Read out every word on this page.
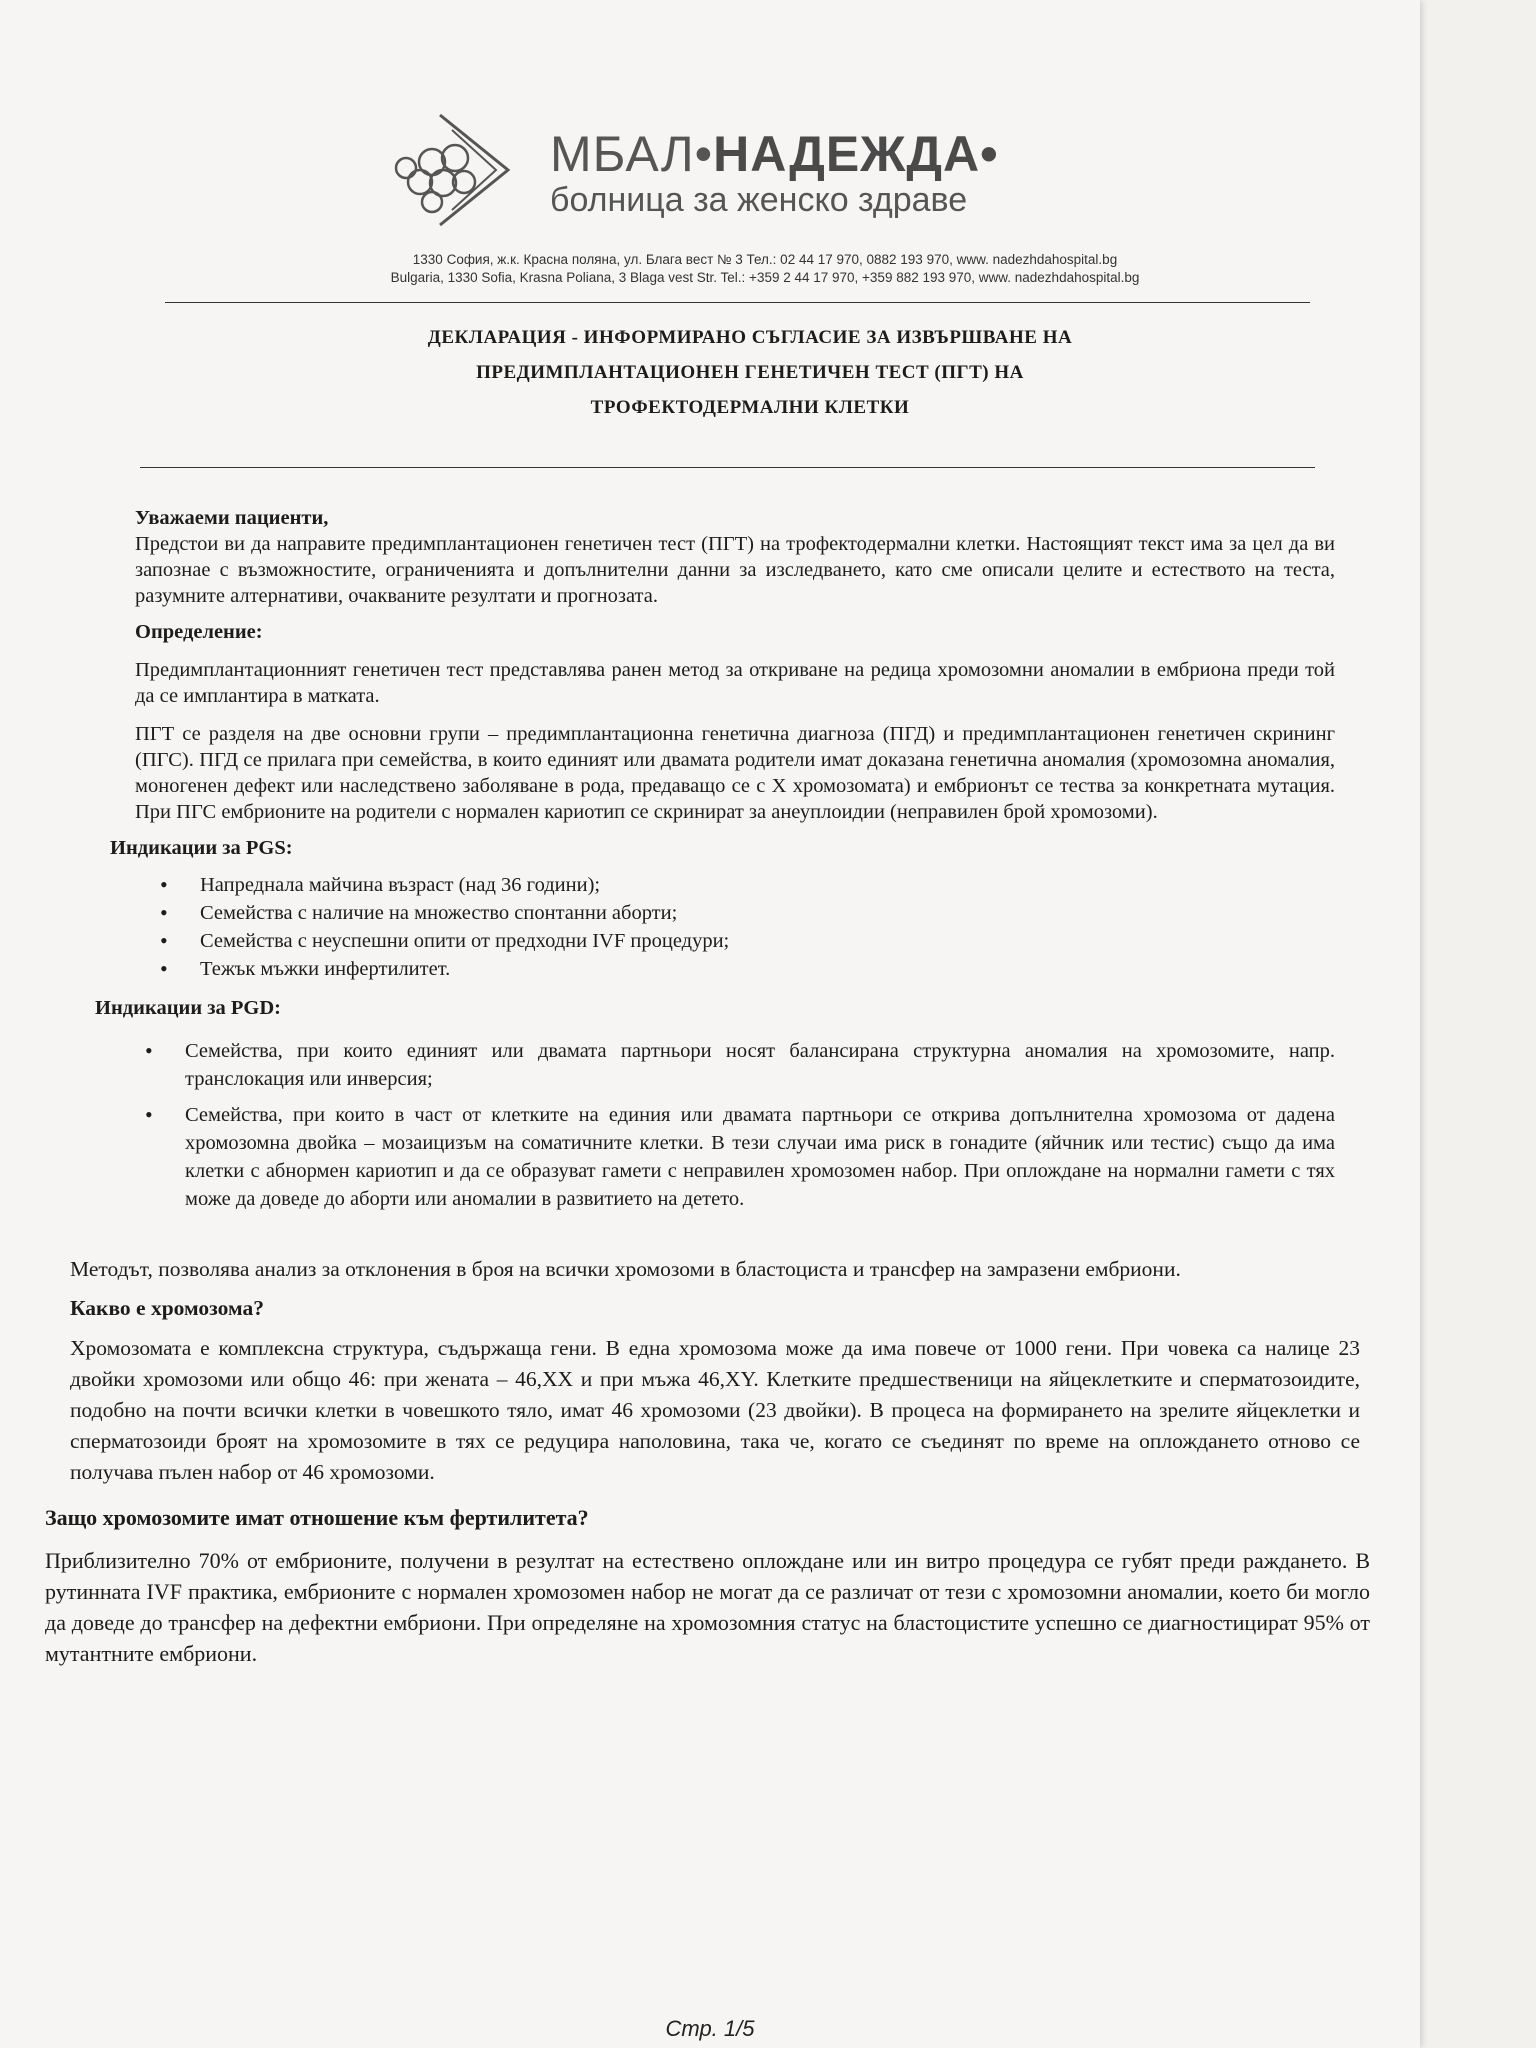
МБАЛ•НАДЕЖДА•
болница за женско здраве
1330 София, ж.к. Красна поляна, ул. Блага вест № 3 Тел.: 02 44 17 970, 0882 193 970, www. nadezhdahospital.bg
Bulgaria, 1330 Sofia, Krasna Poliana, 3 Blaga vest Str. Tel.: +359 2 44 17 970, +359 882 193 970, www. nadezhdahospital.bg
ДЕКЛАРАЦИЯ - ИНФОРМИРАНО СЪГЛАСИЕ ЗА ИЗВЪРШВАНЕ НА
ПРЕДИМПЛАНТАЦИОНЕН ГЕНЕТИЧЕН ТЕСТ (ПГТ) НА
ТРОФЕКТОДЕРМАЛНИ КЛЕТКИ

Уважаеми пациенти,

Предстои ви да направите предимплантационен генетичен тест (ПГТ) на трофектодермални клетки. Настоящият текст има за цел да ви запознае с възможностите, ограниченията и допълнителни данни за изследването, като сме описали целите и естеството на теста, разумните алтернативи, очакваните резултати и прогнозата.

Определение:

Предимплантационният генетичен тест представлява ранен метод за откриване на редица хромозомни аномалии в ембриона преди той да се имплантира в матката.

ПГТ се разделя на две основни групи – предимплантационна генетична диагноза (ПГД) и предимплантационен генетичен скрининг (ПГС). ПГД се прилага при семейства, в които единият или двамата родители имат доказана генетична аномалия (хромозомна аномалия, моногенен дефект или наследствено заболяване в рода, предаващо се с Х хромозомата) и ембрионът се тества за конкретната мутация. При ПГС ембрионите на родители с нормален кариотип се скринират за анеуплоидии (неправилен брой хромозоми).

Индикации за PGS:

• Напреднала майчина възраст (над 36 години);
• Семейства с наличие на множество спонтанни аборти;
• Семейства с неуспешни опити от предходни IVF процедури;
• Тежък мъжки инфертилитет.

Индикации за PGD:

• Семейства, при които единият или двамата партньори носят балансирана структурна аномалия на хромозомите, напр. транслокация или инверсия;
• Семейства, при които в част от клетките на единия или двамата партньори се открива допълнителна хромозома от дадена хромозомна двойка – мозаицизъм на соматичните клетки. В тези случаи има риск в гонадите (яйчник или тестис) също да има клетки с абнормен кариотип и да се образуват гамети с неправилен хромозомен набор. При оплождане на нормални гамети с тях може да доведе до аборти или аномалии в развитието на детето.

Методът, позволява анализ за отклонения в броя на всички хромозоми в бластоциста и трансфер на замразени ембриони.

Какво е хромозома?

Хромозомата е комплексна структура, съдържаща гени. В една хромозома може да има повече от 1000 гени. При човека са налице 23 двойки хромозоми или общо 46: при жената – 46,XX и при мъжа 46,XY. Клетките предшественици на яйцеклетките и сперматозоидите, подобно на почти всички клетки в човешкото тяло, имат 46 хромозоми (23 двойки). В процеса на формирането на зрелите яйцеклетки и сперматозоиди броят на хромозомите в тях се редуцира наполовина, така че, когато се съединят по време на оплождането отново се получава пълен набор от 46 хромозоми.

Защо хромозомите имат отношение към фертилитета?

Приблизително 70% от ембрионите, получени в резултат на естествено оплождане или ин витро процедура се губят преди раждането. В рутинната IVF практика, ембрионите с нормален хромозомен набор не могат да се различат от тези с хромозомни аномалии, което би могло да доведе до трансфер на дефектни ембриони. При определяне на хромозомния статус на бластоцистите успешно се диагностицират 95% от мутантните ембриони.

Стр. 1/5
